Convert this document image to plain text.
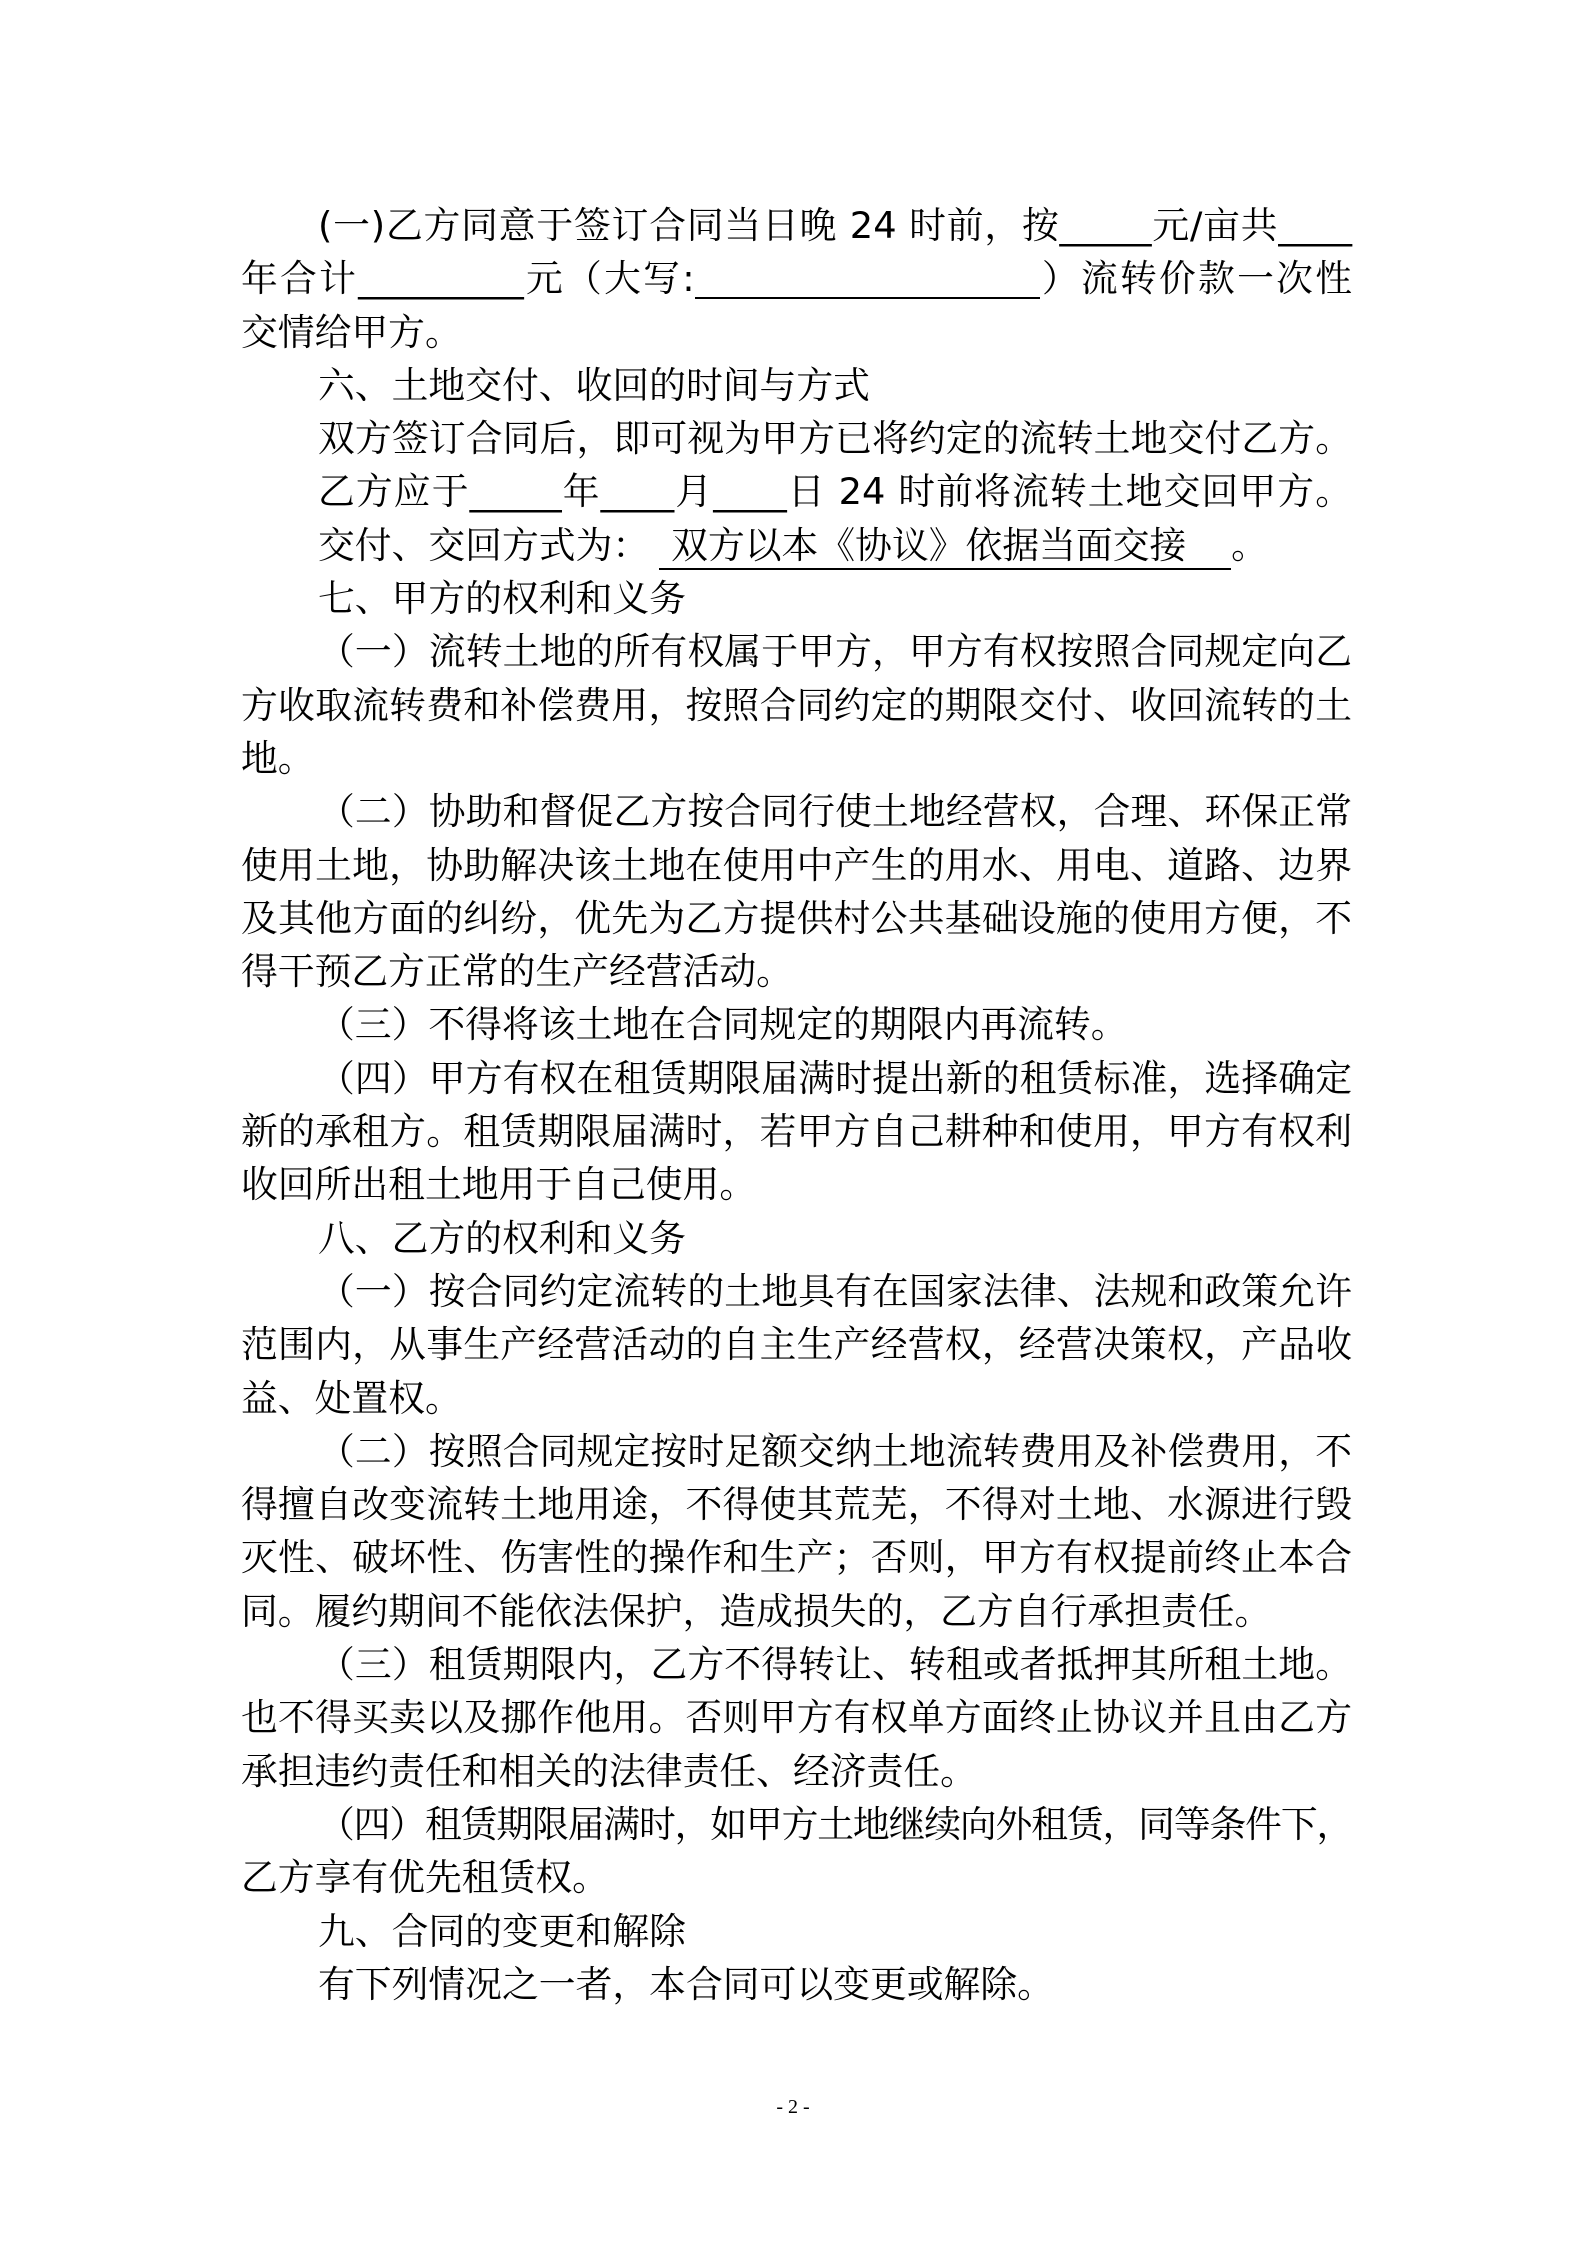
(一)乙方同意于签订合同当日晚 24 时前，按_____元/亩共____
年合计_________元（大写:	）流转价款一次性
交情给甲方。
六、土地交付、收回的时间与方式
双方签订合同后，即可视为甲方已将约定的流转土地交付乙方。
乙方应于_____年____月____日 24 时前将流转土地交回甲方。
交付、交回方式为： 双方以本《协议》依据当面交接 。
七、甲方的权利和义务
（一）流转土地的所有权属于甲方，甲方有权按照合同规定向乙
方收取流转费和补偿费用，按照合同约定的期限交付、收回流转的土
地。
（二）协助和督促乙方按合同行使土地经营权，合理、环保正常
使用土地，协助解决该土地在使用中产生的用水、用电、道路、边界
及其他方面的纠纷，优先为乙方提供村公共基础设施的使用方便，不
得干预乙方正常的生产经营活动。
（三）不得将该土地在合同规定的期限内再流转。
（四）甲方有权在租赁期限届满时提出新的租赁标准，选择确定
新的承租方。租赁期限届满时，若甲方自己耕种和使用，甲方有权利
收回所出租土地用于自己使用。
八、乙方的权利和义务
（一）按合同约定流转的土地具有在国家法律、法规和政策允许
范围内，从事生产经营活动的自主生产经营权，经营决策权，产品收
益、处置权。
（二）按照合同规定按时足额交纳土地流转费用及补偿费用，不
得擅自改变流转土地用途，不得使其荒芜，不得对土地、水源进行毁
灭性、破坏性、伤害性的操作和生产；否则，甲方有权提前终止本合
同。履约期间不能依法保护，造成损失的，乙方自行承担责任。
（三）租赁期限内，乙方不得转让、转租或者抵押其所租土地。
也不得买卖以及挪作他用。否则甲方有权单方面终止协议并且由乙方
承担违约责任和相关的法律责任、经济责任。
（四）租赁期限届满时，如甲方土地继续向外租赁，同等条件下，
乙方享有优先租赁权。
九、合同的变更和解除
有下列情况之一者，本合同可以变更或解除。
- 2 -
